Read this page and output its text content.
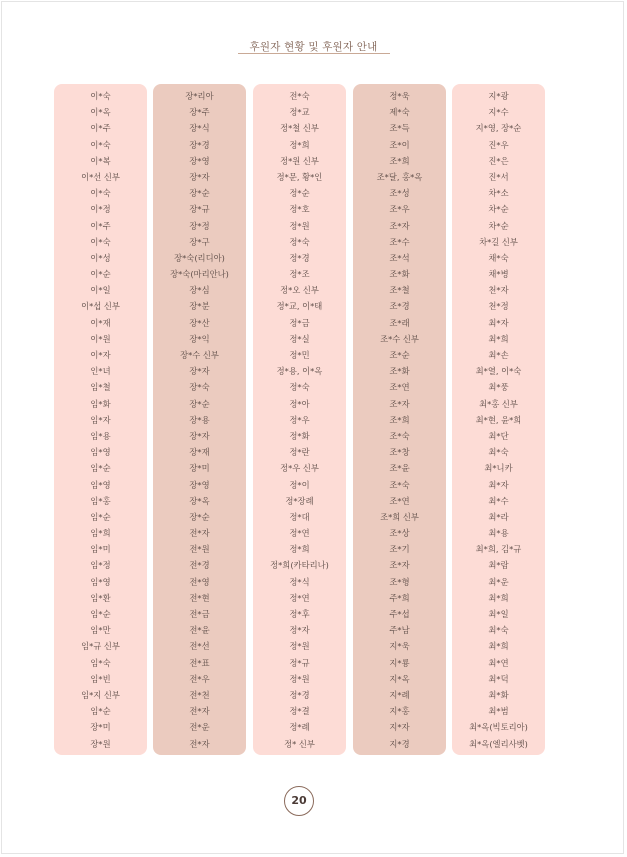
후원자 현황 및 후원자 안내
이*숙
이*옥
이*주
이*숙
이*복
이*선 신부
이*숙
이*정
이*주
이*숙
이*성
이*순
이*일
이*섭 신부
이*재
이*원
이*자
인*녀
임*철
임*화
임*자
임*용
임*영
임*순
임*영
임*홍
임*순
임*희
임*미
임*정
임*영
임*환
임*순
임*만
임*규 신부
임*숙
임*빈
임*지 신부
임*순
장*미
장*원
장*리아
장*주
장*식
장*경
장*영
장*자
장*순
장*규
장*정
장*구
장*숙(리디아)
장*숙(마리안나)
장*심
장*분
장*산
장*익
장*수 신부
장*자
장*숙
장*순
장*용
장*자
장*재
장*미
장*영
장*옥
장*순
전*자
전*원
전*경
전*영
전*현
전*금
전*윤
전*선
전*표
전*우
전*천
전*자
전*운
전*자
전*숙
정*교
정*철 신부
정*희
정*원 신부
정*문, 황*인
정*순
정*호
정*원
정*숙
정*경
정*조
정*오 신부
정*교, 이*태
정*금
정*실
정*민
정*용, 이*옥
정*숙
정*아
정*우
정*화
정*란
정*우 신부
정*이
정*장례
정*대
정*연
정*희
정*희(카타리나)
정*식
정*연
정*후
정*자
정*원
정*규
정*원
정*경
정*결
정*례
정* 신부
정*욱
제*숙
조*득
조*이
조*희
조*달, 홍*옥
조*성
조*우
조*자
조*수
조*석
조*화
조*철
조*경
조*래
조*수 신부
조*순
조*화
조*연
조*자
조*희
조*숙
조*창
조*윤
조*숙
조*연
조*희 신부
조*상
조*기
조*자
조*형
주*희
주*섭
주*남
지*욱
지*룡
지*옥
지*례
지*홍
지*자
지*경
지*광
지*수
지*영, 장*순
진*우
진*은
진*서
차*소
차*순
차*순
차*길 신부
채*숙
채*병
천*자
천*정
최*자
최*희
최*손
최*열, 이*숙
최*풍
최*홍 신부
최*현, 윤*희
최*단
최*숙
최*니카
최*자
최*수
최*라
최*용
최*희, 김*규
최*람
최*운
최*희
최*일
최*숙
최*희
최*연
최*덕
최*화
최*범
최*옥(빅토리아)
최*옥(엘리사벳)
20
